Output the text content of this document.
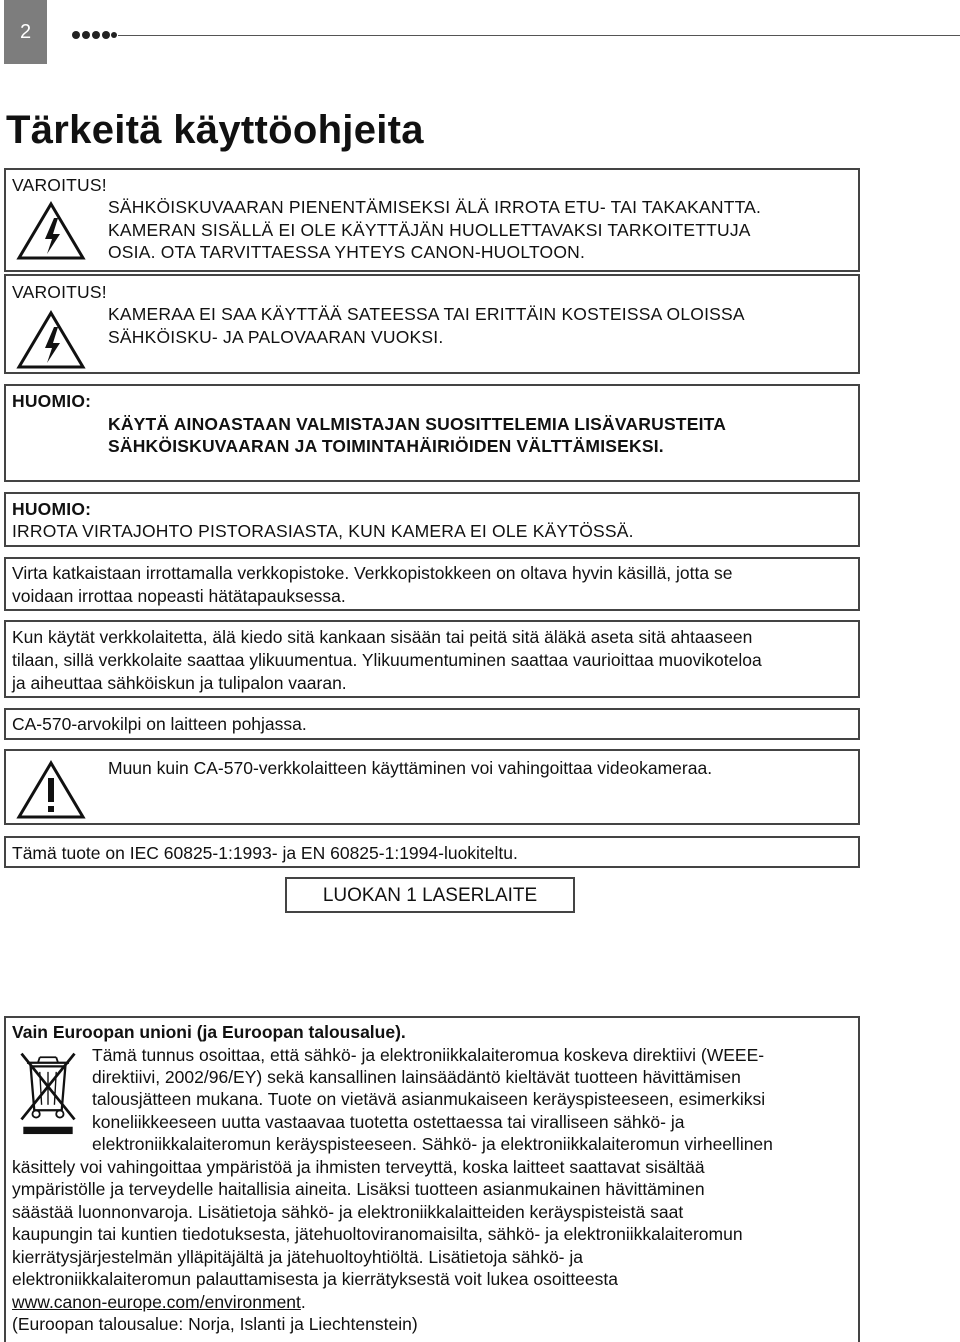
2
Tärkeitä käyttöohjeita
VAROITUS!
SÄHKÖISKUVAARAN PIENENTÄMISEKSI ÄLÄ IRROTA ETU- TAI TAKAKANTTA.
KAMERAN SISÄLLÄ EI OLE KÄYTTÄJÄN HUOLLETTAVAKSI TARKOITETTUJA
OSIA. OTA TARVITTAESSA YHTEYS CANON-HUOLTOON.
VAROITUS!
KAMERAA EI SAA KÄYTTÄÄ SATEESSA TAI ERITTÄIN KOSTEISSA OLOISSA
SÄHKÖISKU- JA PALOVAARAN VUOKSI.
HUOMIO:
KÄYTÄ AINOASTAAN VALMISTAJAN SUOSITTELEMIA LISÄVARUSTEITA
SÄHKÖISKUVAARAN JA TOIMINTAHÄIRIÖIDEN VÄLTTÄMISEKSI.
HUOMIO:
IRROTA VIRTAJOHTO PISTORASIASTA, KUN KAMERA EI OLE KÄYTÖSSÄ.
Virta katkaistaan irrottamalla verkkopistoke. Verkkopistokkeen on oltava hyvin käsillä, jotta se
voidaan irrottaa nopeasti hätätapauksessa.
Kun käytät verkkolaitetta, älä kiedo sitä kankaan sisään tai peitä sitä äläkä aseta sitä ahtaaseen
tilaan, sillä verkkolaite saattaa ylikuumentua. Ylikuumentuminen saattaa vaurioittaa muovikoteloa
ja aiheuttaa sähköiskun ja tulipalon vaaran.
CA-570-arvokilpi on laitteen pohjassa.
Muun kuin CA-570-verkkolaitteen käyttäminen voi vahingoittaa videokameraa.
Tämä tuote on IEC 60825-1:1993- ja EN 60825-1:1994-luokiteltu.
LUOKAN 1 LASERLAITE
Vain Euroopan unioni (ja Euroopan talousalue).
Tämä tunnus osoittaa, että sähkö- ja elektroniikkalaiteromua koskeva direktiivi (WEEE-
direktiivi, 2002/96/EY) sekä kansallinen lainsäädäntö kieltävät tuotteen hävittämisen
talousjätteen mukana. Tuote on vietävä asianmukaiseen keräyspisteeseen, esimerkiksi
koneliikkeeseen uutta vastaavaa tuotetta ostettaessa tai viralliseen sähkö- ja
elektroniikkalaiteromun keräyspisteeseen. Sähkö- ja elektroniikkalaiteromun virheellinen
käsittely voi vahingoittaa ympäristöä ja ihmisten terveyttä, koska laitteet saattavat sisältää
ympäristölle ja terveydelle haitallisia aineita. Lisäksi tuotteen asianmukainen hävittäminen
säästää luonnonvaroja. Lisätietoja sähkö- ja elektroniikkalaitteiden keräyspisteistä saat
kaupungin tai kuntien tiedotuksesta, jätehuoltoviranomaisilta, sähkö- ja elektroniikkalaiteromun
kierrätysjärjestelmän ylläpitäjältä ja jätehuoltoyhtiöltä. Lisätietoja sähkö- ja
elektroniikkalaiteromun palauttamisesta ja kierrätyksestä voit lukea osoitteesta
www.canon-europe.com/environment.
(Euroopan talousalue: Norja, Islanti ja Liechtenstein)
